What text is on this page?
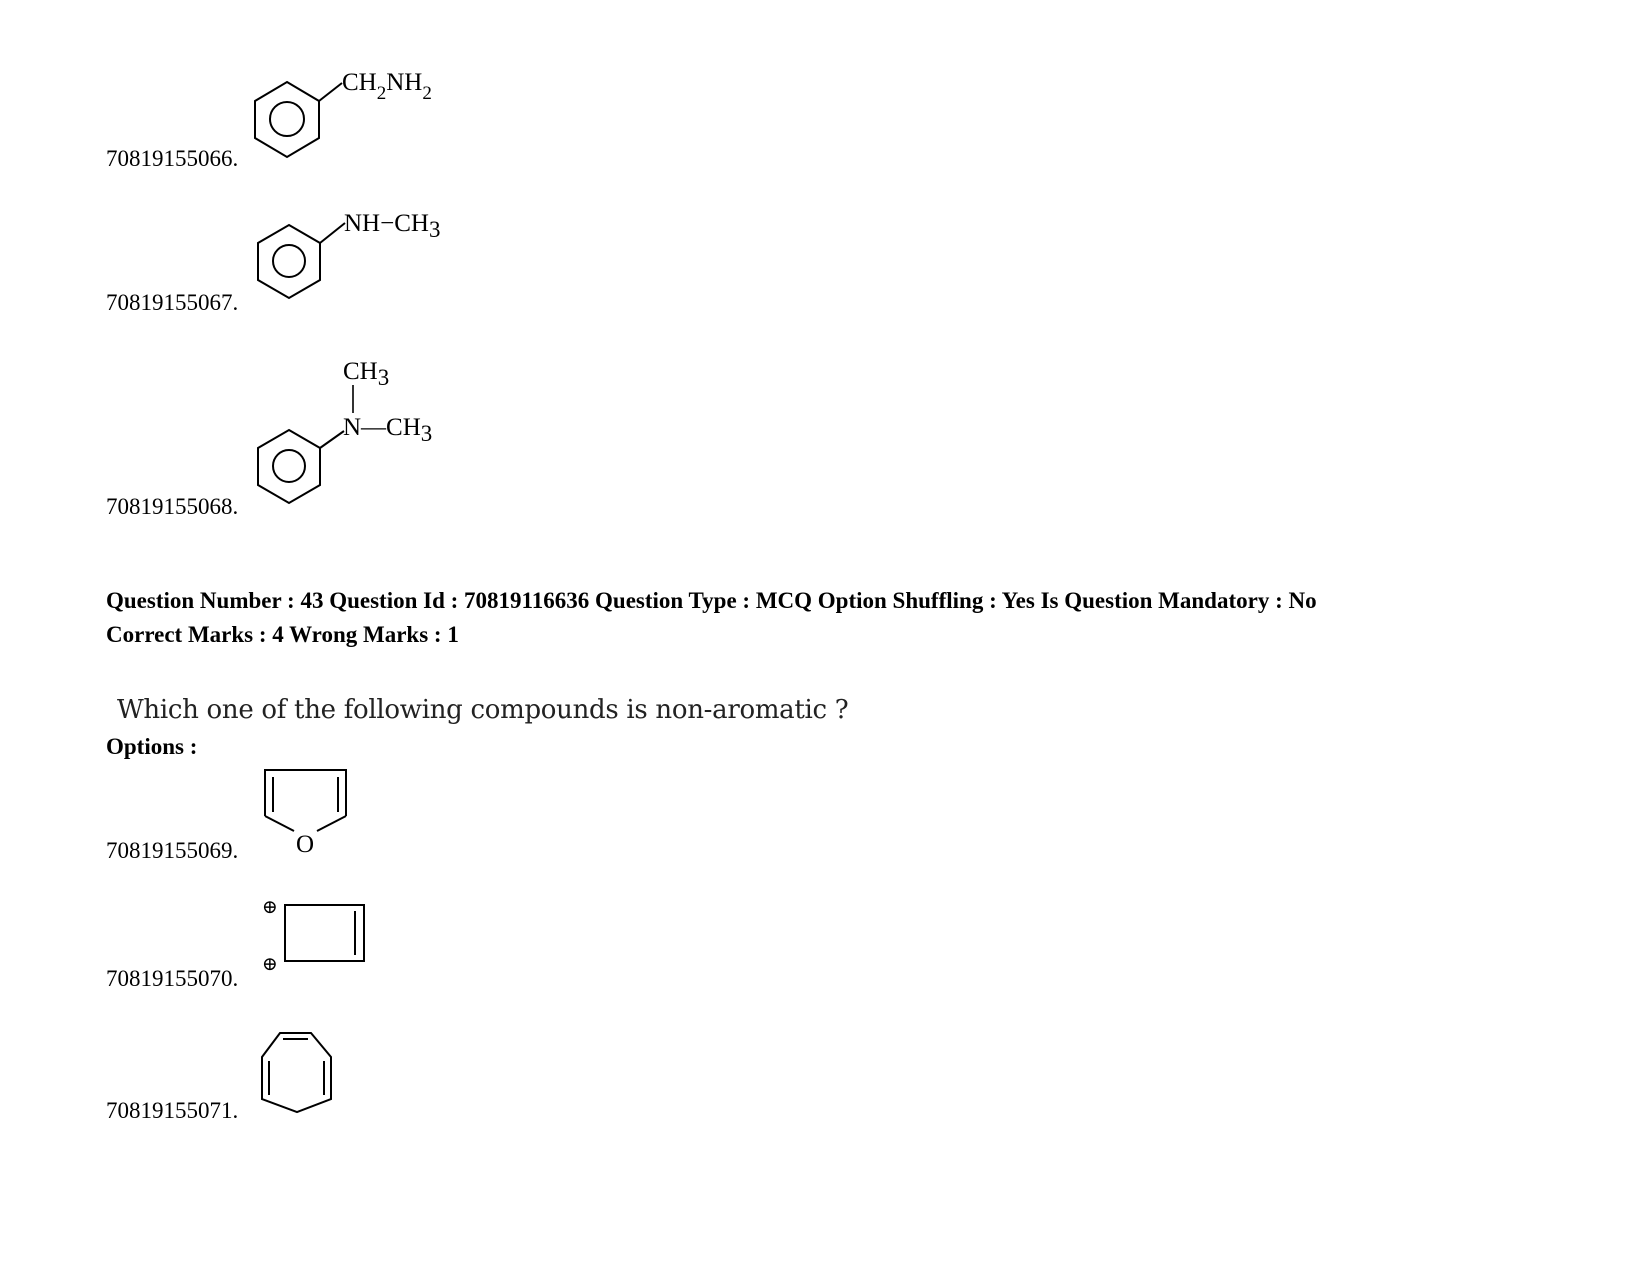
70819155066.
$CH_2NH_2$
70819155067.
NH−CH3
70819155068.
CH3
N—CH3
Question Number : 43 Question Id : 70819116636 Question Type : MCQ Option Shuffling : Yes Is Question Mandatory : No
Correct Marks : 4 Wrong Marks : 1
Which one of the following compounds is non-aromatic ?
Options :
70819155069. O
70819155070.
⊕
⊕
70819155071.
